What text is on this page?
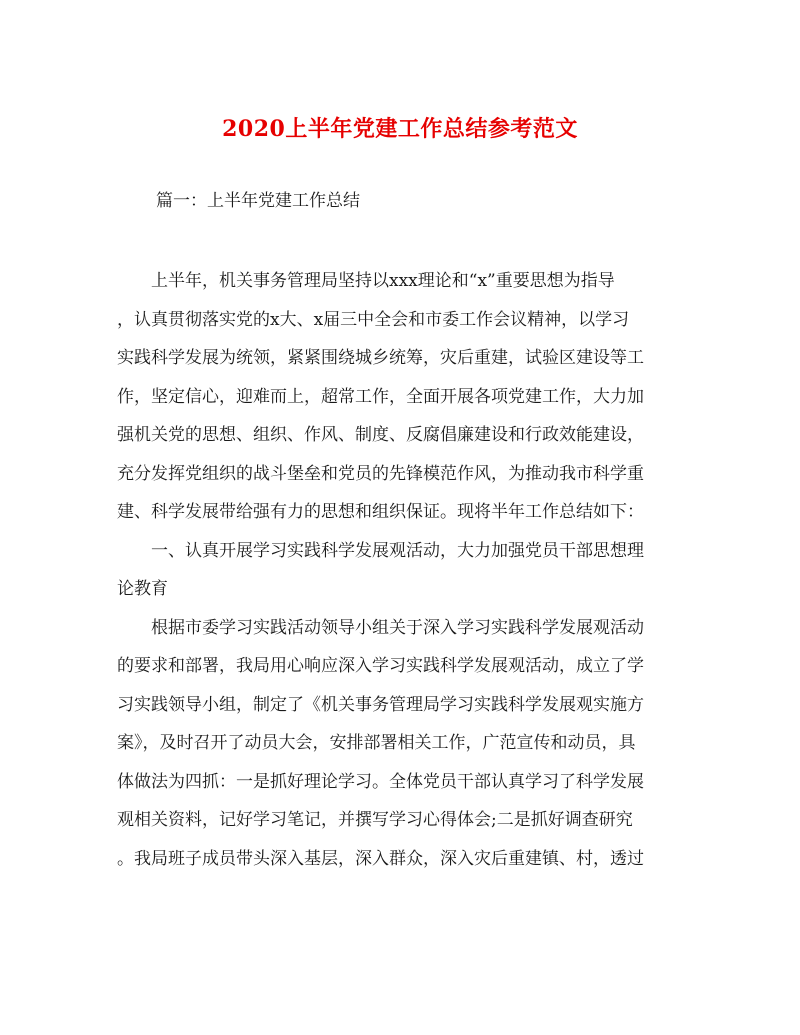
2020上半年党建工作总结参考范文
篇一：上半年党建工作总结
　　上半年，机关事务管理局坚持以xxx理论和“x”重要思想为指导
，认真贯彻落实党的x大、x届三中全会和市委工作会议精神，以学习
实践科学发展为统领，紧紧围绕城乡统筹，灾后重建，试验区建设等工
作，坚定信心，迎难而上，超常工作，全面开展各项党建工作，大力加
强机关党的思想、组织、作风、制度、反腐倡廉建设和行政效能建设，
充分发挥党组织的战斗堡垒和党员的先锋模范作风，为推动我市科学重
建、科学发展带给强有力的思想和组织保证。现将半年工作总结如下：
　　一、认真开展学习实践科学发展观活动，大力加强党员干部思想理
论教育
　　根据市委学习实践活动领导小组关于深入学习实践科学发展观活动
的要求和部署，我局用心响应深入学习实践科学发展观活动，成立了学
习实践领导小组，制定了《机关事务管理局学习实践科学发展观实施方
案》，及时召开了动员大会，安排部署相关工作，广范宣传和动员，具
体做法为四抓：一是抓好理论学习。全体党员干部认真学习了科学发展
观相关资料，记好学习笔记，并撰写学习心得体会;二是抓好调查研究
。我局班子成员带头深入基层，深入群众，深入灾后重建镇、村，透过
